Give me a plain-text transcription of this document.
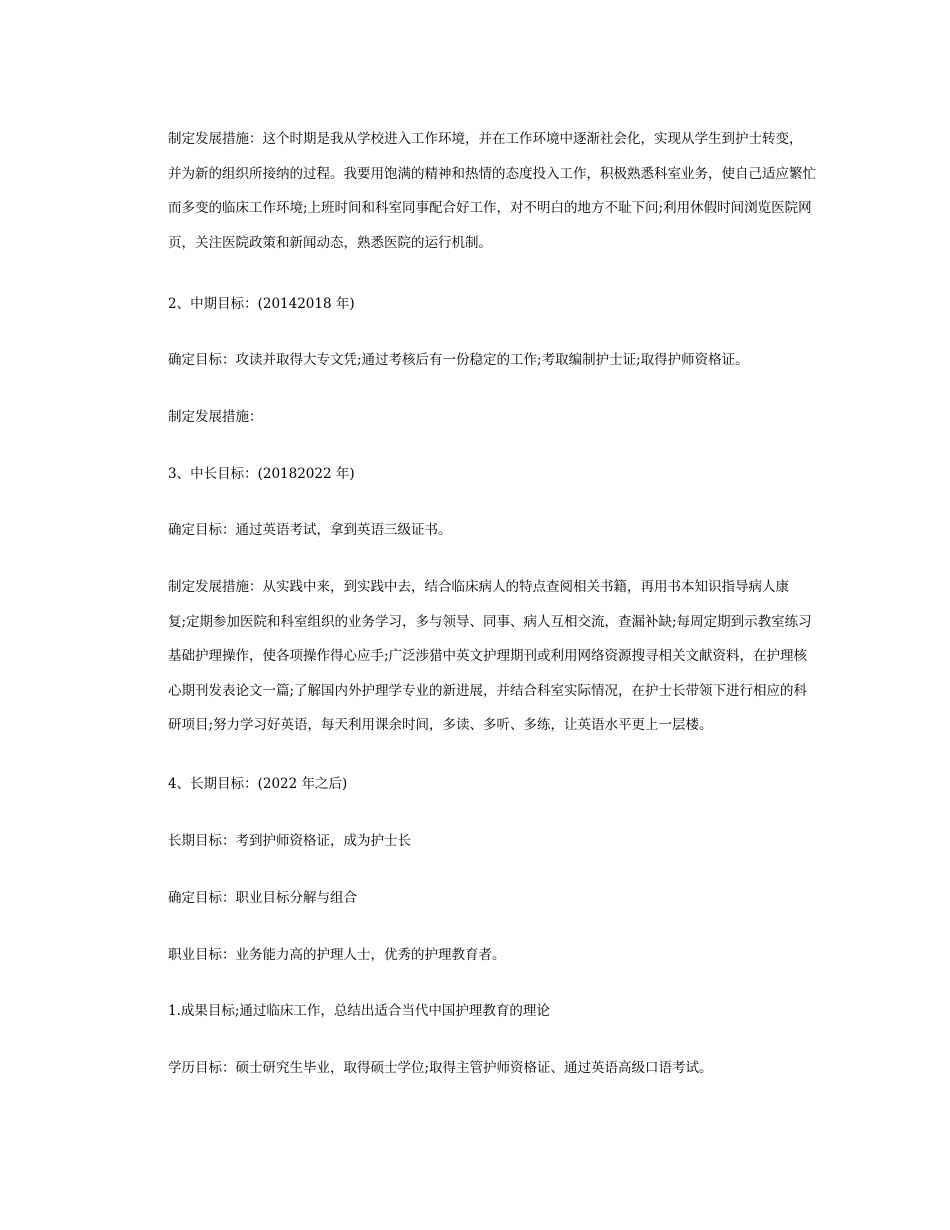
制定发展措施：这个时期是我从学校进入工作环境，并在工作环境中逐渐社会化，实现从学生到护士转变，
并为新的组织所接纳的过程。我要用饱满的精神和热情的态度投入工作，积极熟悉科室业务，使自己适应繁忙
而多变的临床工作环境;上班时间和科室同事配合好工作，对不明白的地方不耻下问;利用休假时间浏览医院网
页，关注医院政策和新闻动态，熟悉医院的运行机制。
2、中期目标：(20142018 年)
确定目标：攻读并取得大专文凭;通过考核后有一份稳定的工作;考取编制护士证;取得护师资格证。
制定发展措施：
3、中长目标：(20182022 年)
确定目标：通过英语考试，拿到英语三级证书。
制定发展措施：从实践中来，到实践中去，结合临床病人的特点查阅相关书籍，再用书本知识指导病人康
复;定期参加医院和科室组织的业务学习，多与领导、同事、病人互相交流，查漏补缺;每周定期到示教室练习
基础护理操作，使各项操作得心应手;广泛涉猎中英文护理期刊或利用网络资源搜寻相关文献资料，在护理核
心期刊发表论文一篇;了解国内外护理学专业的新进展，并结合科室实际情况，在护士长带领下进行相应的科
研项目;努力学习好英语，每天利用课余时间，多读、多听、多练，让英语水平更上一层楼。
4、长期目标：(2022 年之后)
长期目标：考到护师资格证，成为护士长
确定目标：职业目标分解与组合
职业目标：业务能力高的护理人士，优秀的护理教育者。
1.成果目标;通过临床工作，总结出适合当代中国护理教育的理论
学历目标：硕士研究生毕业，取得硕士学位;取得主管护师资格证、通过英语高级口语考试。
